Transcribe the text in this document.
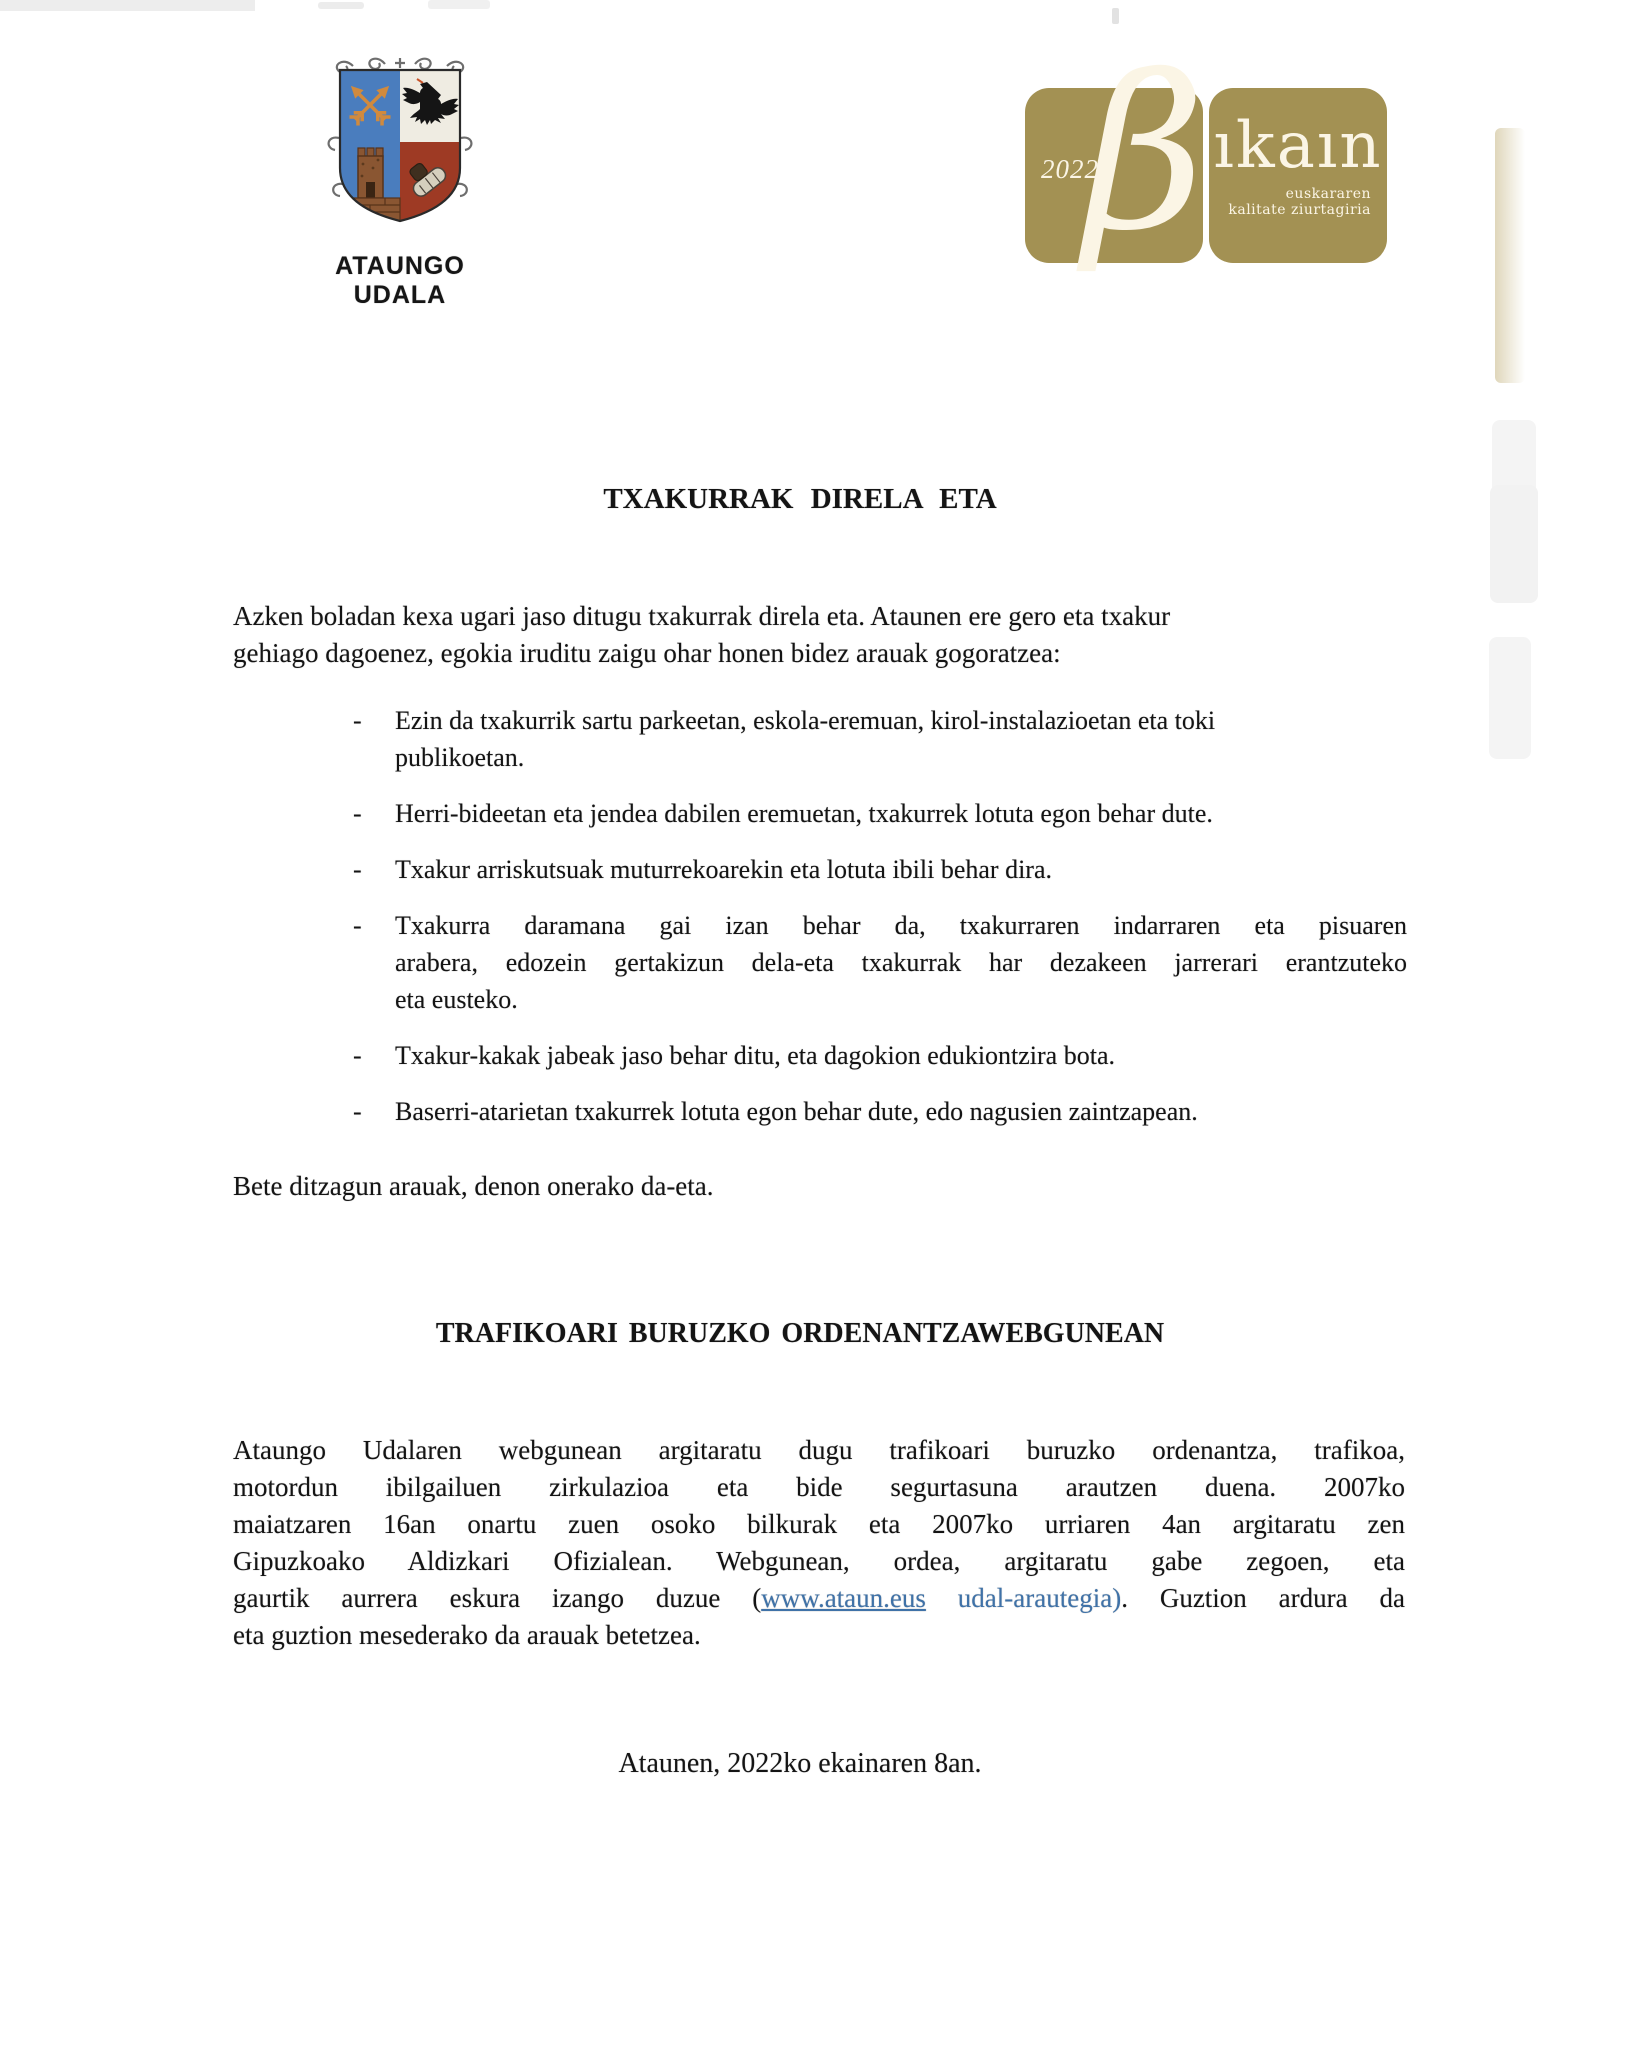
ATAUNGO UDALA
2022
β ıkaın
euskararen
kalitate ziurtagiria
TXAKURRAK DIRELA ETA
Azken boladan kexa ugari jaso ditugu txakurrak direla eta. Ataunen ere gero eta txakur
gehiago dagoenez, egokia iruditu zaigu ohar honen bidez arauak gogoratzea:
- Ezin da txakurrik sartu parkeetan, eskola-eremuan, kirol-instalazioetan eta toki
publikoetan.
- Herri-bideetan eta jendea dabilen eremuetan, txakurrek lotuta egon behar dute.
- Txakur arriskutsuak muturrekoarekin eta lotuta ibili behar dira.
- Txakurra daramana gai izan behar da, txakurraren indarraren eta pisuaren
arabera, edozein gertakizun dela-eta txakurrak har dezakeen jarrerari erantzuteko
eta eusteko.
- Txakur-kakak jabeak jaso behar ditu, eta dagokion edukiontzira bota.
- Baserri-atarietan txakurrek lotuta egon behar dute, edo nagusien zaintzapean.
Bete ditzagun arauak, denon onerako da-eta.
TRAFIKOARI BURUZKO ORDENANTZAWEBGUNEAN
Ataungo Udalaren webgunean argitaratu dugu trafikoari buruzko ordenantza, trafikoa,
motordun ibilgailuen zirkulazioa eta bide segurtasuna arautzen duena. 2007ko
maiatzaren 16an onartu zuen osoko bilkurak eta 2007ko urriaren 4an argitaratu zen
Gipuzkoako Aldizkari Ofizialean. Webgunean, ordea, argitaratu gabe zegoen, eta
gaurtik aurrera eskura izango duzue (www.ataun.eus udal-arautegia). Guztion ardura da
eta guztion mesederako da arauak betetzea.
Ataunen, 2022ko ekainaren 8an.
